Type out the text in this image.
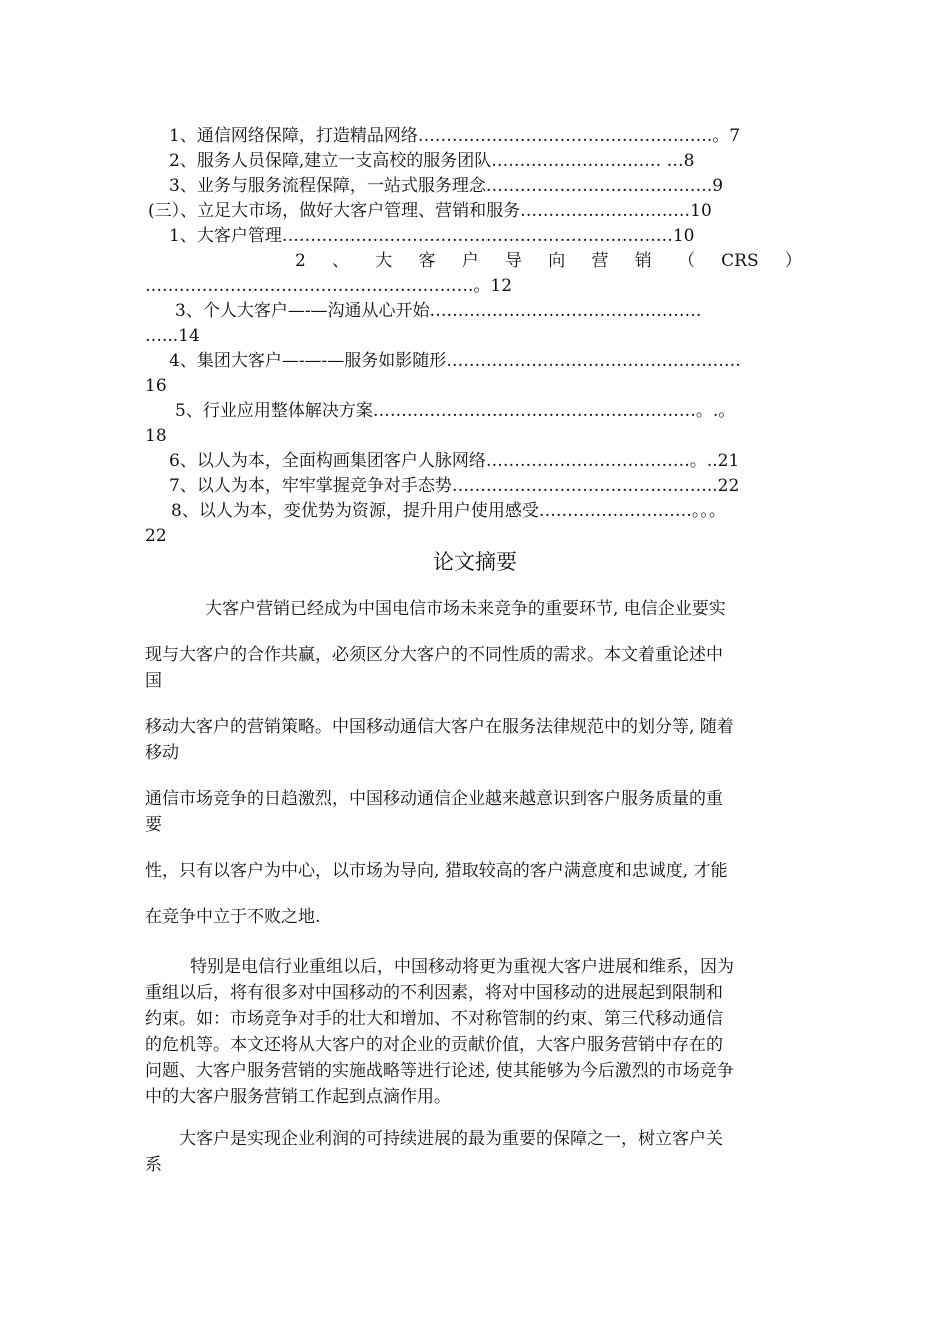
1、通信网络保障，打造精品网络…………………………………………….。7
2、服务人员保障,建立一支高校的服务团队………………………… …8
3、业务与服务流程保障，一站式服务理念………………………………….9
(三）、立足大市场，做好大客户管理、营销和服务…………………………10
1、大客户管理……………………………………………………………10
2 、 大 客 户 导 向 营 销 （ CRS ）
………………………………………………….。12
3、个人大客户—-—沟通从心开始…………………………………………
…...14
4、集团大客户—-—-—服务如影随形…………………………………………….
16
5、行业应用整体解决方案…………………………………………………。.。
18
6、以人为本，全面构画集团客户人脉网络………………………………。..21
7、以人为本，牢牢掌握竞争对手态势………………………………………..22
8、以人为本，变优势为资源，提升用户使用感受………………………。。。
22
论文摘要

大客户营销已经成为中国电信市场未来竞争的重要环节, 电信企业要实

现与大客户的合作共赢，必须区分大客户的不同性质的需求。本文着重论述中

国

移动大客户的营销策略。中国移动通信大客户在服务法律规范中的划分等, 随着

移动

通信市场竞争的日趋激烈，中国移动通信企业越来越意识到客户服务质量的重

要

性，只有以客户为中心，以市场为导向, 猎取较高的客户满意度和忠诚度, 才能

在竞争中立于不败之地.

特别是电信行业重组以后，中国移动将更为重视大客户进展和维系，因为

重组以后，将有很多对中国移动的不利因素，将对中国移动的进展起到限制和

约束。如：市场竞争对手的壮大和增加、不对称管制的约束、第三代移动通信

的危机等。本文还将从大客户的对企业的贡献价值，大客户服务营销中存在的

问题、大客户服务营销的实施战略等进行论述, 使其能够为今后激烈的市场竞争

中的大客户服务营销工作起到点滴作用。

大客户是实现企业利润的可持续进展的最为重要的保障之一，树立客户关

系
